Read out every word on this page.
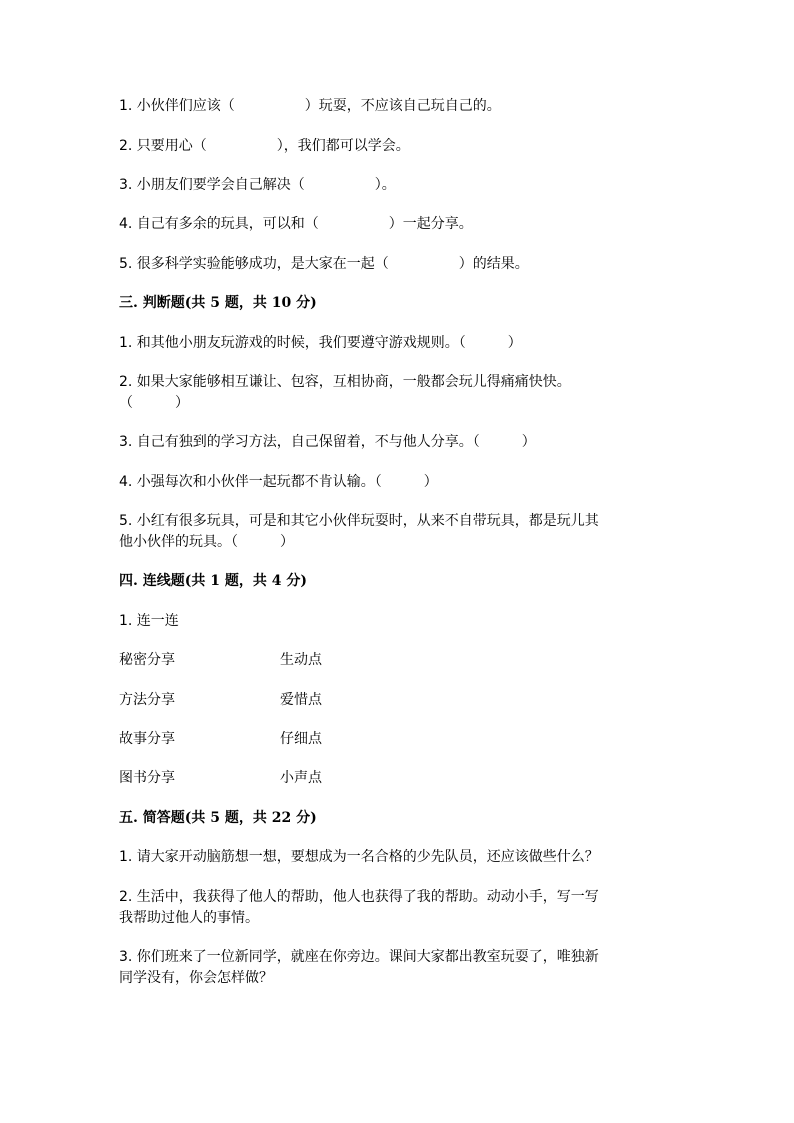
1. 小伙伴们应该（　　　　　）玩耍，不应该自己玩自己的。
2. 只要用心（　　　　　），我们都可以学会。
3. 小朋友们要学会自己解决（　　　　　）。
4. 自己有多余的玩具，可以和（　　　　　）一起分享。
5. 很多科学实验能够成功，是大家在一起（　　　　　）的结果。
三. 判断题(共 5 题，共 10 分)
1. 和其他小朋友玩游戏的时候，我们要遵守游戏规则。（　　　）
2. 如果大家能够相互谦让、包容，互相协商，一般都会玩儿得痛痛快快。
（　　　）
3. 自己有独到的学习方法，自己保留着，不与他人分享。（　　　）
4. 小强每次和小伙伴一起玩都不肯认输。（　　　）
5. 小红有很多玩具，可是和其它小伙伴玩耍时，从来不自带玩具，都是玩儿其
他小伙伴的玩具。（　　　）
四. 连线题(共 1 题，共 4 分)
1. 连一连
秘密分享	生动点
方法分享	爱惜点
故事分享	仔细点
图书分享	小声点
五. 简答题(共 5 题，共 22 分)
1. 请大家开动脑筋想一想，要想成为一名合格的少先队员，还应该做些什么？
2. 生活中，我获得了他人的帮助，他人也获得了我的帮助。动动小手，写一写
我帮助过他人的事情。
3. 你们班来了一位新同学，就座在你旁边。课间大家都出教室玩耍了，唯独新
同学没有，你会怎样做？
